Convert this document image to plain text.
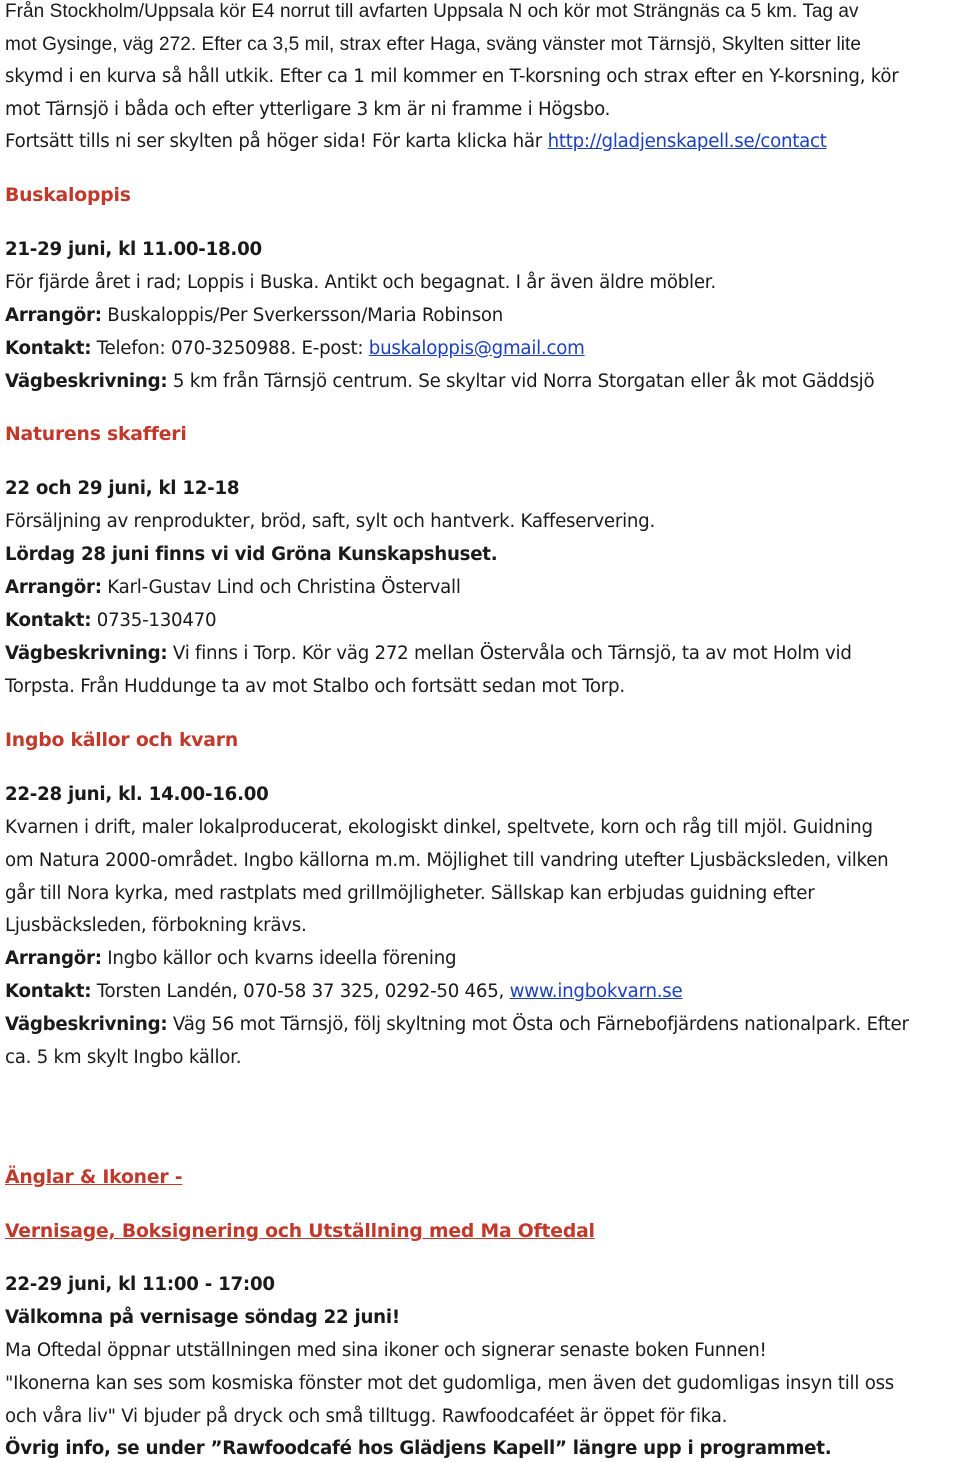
Från Stockholm/Uppsala kör E4 norrut till avfarten Uppsala N och kör mot Strängnäs ca 5 km. Tag av
mot Gysinge, väg 272. Efter ca 3,5 mil, strax efter Haga, sväng vänster mot Tärnsjö, Skylten sitter lite
skymd i en kurva så håll utkik. Efter ca 1 mil kommer en T-korsning och strax efter en Y-korsning, kör
mot Tärnsjö i båda och efter ytterligare 3 km är ni framme i Högsbo.
Fortsätt tills ni ser skylten på höger sida! För karta klicka här http://gladjenskapell.se/contact
Buskaloppis
21-29 juni, kl 11.00-18.00
För fjärde året i rad; Loppis i Buska. Antikt och begagnat. I år även äldre möbler.
Arrangör: Buskaloppis/Per Sverkersson/Maria Robinson
Kontakt: Telefon: 070-3250988. E-post: buskaloppis@gmail.com
Vägbeskrivning: 5 km från Tärnsjö centrum. Se skyltar vid Norra Storgatan eller åk mot Gäddsjö
Naturens skafferi
22 och 29 juni, kl 12-18
Försäljning av renprodukter, bröd, saft, sylt och hantverk. Kaffeservering.
Lördag 28 juni finns vi vid Gröna Kunskapshuset.
Arrangör: Karl-Gustav Lind och Christina Östervall
Kontakt: 0735-130470
Vägbeskrivning: Vi finns i Torp. Kör väg 272 mellan Östervåla och Tärnsjö, ta av mot Holm vid
Torpsta. Från Huddunge ta av mot Stalbo och fortsätt sedan mot Torp.
Ingbo källor och kvarn
22-28 juni, kl. 14.00-16.00
Kvarnen i drift, maler lokalproducerat, ekologiskt dinkel, speltvete, korn och råg till mjöl. Guidning
om Natura 2000-området. Ingbo källorna m.m. Möjlighet till vandring utefter Ljusbäcksleden, vilken
går till Nora kyrka, med rastplats med grillmöjligheter. Sällskap kan erbjudas guidning efter
Ljusbäcksleden, förbokning krävs.
Arrangör: Ingbo källor och kvarns ideella förening
Kontakt: Torsten Landén, 070-58 37 325, 0292-50 465, www.ingbokvarn.se
Vägbeskrivning: Väg 56 mot Tärnsjö, följ skyltning mot Östa och Färnebofjärdens nationalpark. Efter
ca. 5 km skylt Ingbo källor.
Änglar & Ikoner -
Vernisage, Boksignering och Utställning med Ma Oftedal
22-29 juni, kl 11:00 - 17:00
Välkomna på vernisage söndag 22 juni!
Ma Oftedal öppnar utställningen med sina ikoner och signerar senaste boken Funnen!
"Ikonerna kan ses som kosmiska fönster mot det gudomliga, men även det gudomligas insyn till oss
och våra liv" Vi bjuder på dryck och små tilltugg. Rawfoodcaféet är öppet för fika.
Övrig info, se under ”Rawfoodcafé hos Glädjens Kapell” längre upp i programmet.
